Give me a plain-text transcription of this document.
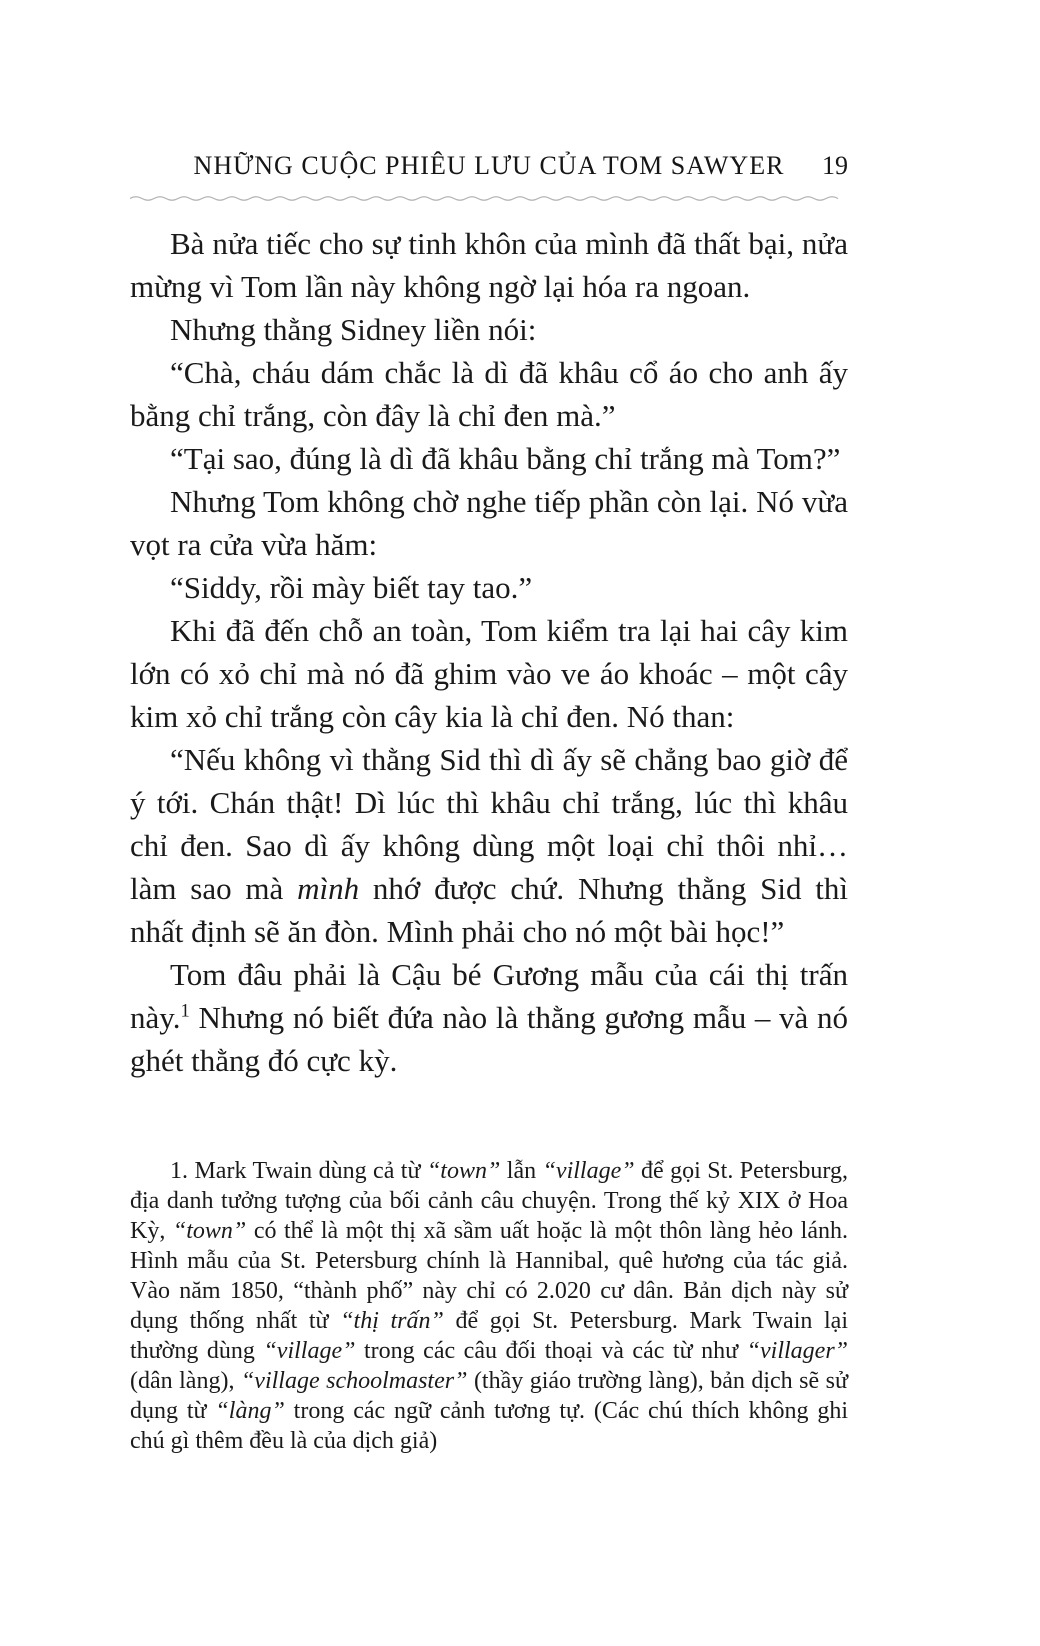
NHỮNG CUỘC PHIÊU LƯU CỦA TOM SAWYER 19

Bà nửa tiếc cho sự tinh khôn của mình đã thất bại, nửa mừng vì Tom lần này không ngờ lại hóa ra ngoan.

Nhưng thằng Sidney liền nói:

“Chà, cháu dám chắc là dì đã khâu cổ áo cho anh ấy bằng chỉ trắng, còn đây là chỉ đen mà.”

“Tại sao, đúng là dì đã khâu bằng chỉ trắng mà Tom?”

Nhưng Tom không chờ nghe tiếp phần còn lại. Nó vừa vọt ra cửa vừa hăm:

“Siddy, rồi mày biết tay tao.”

Khi đã đến chỗ an toàn, Tom kiểm tra lại hai cây kim lớn có xỏ chỉ mà nó đã ghim vào ve áo khoác – một cây kim xỏ chỉ trắng còn cây kia là chỉ đen. Nó than:

“Nếu không vì thằng Sid thì dì ấy sẽ chẳng bao giờ để ý tới. Chán thật! Dì lúc thì khâu chỉ trắng, lúc thì khâu chỉ đen. Sao dì ấy không dùng một loại chỉ thôi nhỉ… làm sao mà mình nhớ được chứ. Nhưng thằng Sid thì nhất định sẽ ăn đòn. Mình phải cho nó một bài học!”

Tom đâu phải là Cậu bé Gương mẫu của cái thị trấn này.$^1$ Nhưng nó biết đứa nào là thằng gương mẫu – và nó ghét thằng đó cực kỳ.

1. Mark Twain dùng cả từ “town” lẫn “village” để gọi St. Petersburg, địa danh tưởng tượng của bối cảnh câu chuyện. Trong thế kỷ XIX ở Hoa Kỳ, “town” có thể là một thị xã sầm uất hoặc là một thôn làng hẻo lánh. Hình mẫu của St. Petersburg chính là Hannibal, quê hương của tác giả. Vào năm 1850, “thành phố” này chỉ có 2.020 cư dân. Bản dịch này sử dụng thống nhất từ “thị trấn” để gọi St. Petersburg. Mark Twain lại thường dùng “village” trong các câu đối thoại và các từ như “villager” (dân làng), “village schoolmaster” (thầy giáo trường làng), bản dịch sẽ sử dụng từ “làng” trong các ngữ cảnh tương tự. (Các chú thích không ghi chú gì thêm đều là của dịch giả)
